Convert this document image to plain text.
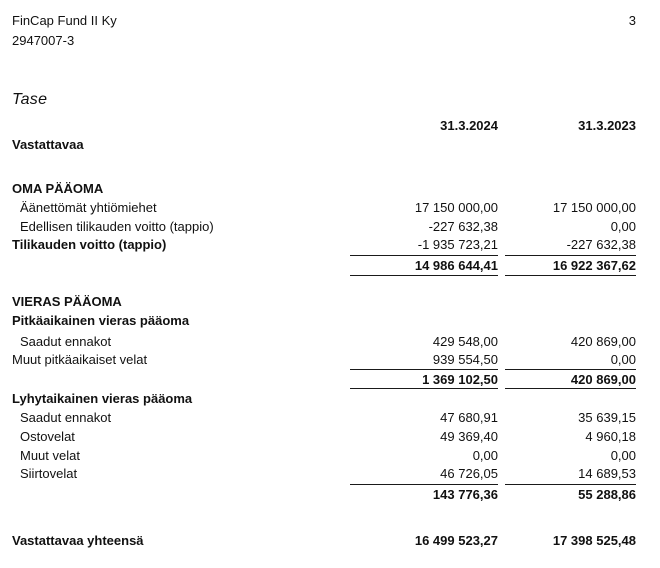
FinCap Fund II Ky
2947007-3
3
Tase
31.3.2024	31.3.2023
Vastattavaa
OMA PÄÄOMA
Äänettömät yhtiömiehet	17 150 000,00	17 150 000,00
Edellisen tilikauden voitto (tappio)	-227 632,38	0,00
Tilikauden voitto (tappio)	-1 935 723,21	-227 632,38
14 986 644,41	16 922 367,62
VIERAS PÄÄOMA
Pitkäaikainen vieras pääoma
Saadut ennakot	429 548,00	420 869,00
Muut pitkäaikaiset velat	939 554,50	0,00
1 369 102,50	420 869,00
Lyhytaikainen vieras pääoma
Saadut ennakot	47 680,91	35 639,15
Ostovelat	49 369,40	4 960,18
Muut velat	0,00	0,00
Siirtovelat	46 726,05	14 689,53
143 776,36	55 288,86
Vastattavaa yhteensä	16 499 523,27	17 398 525,48
